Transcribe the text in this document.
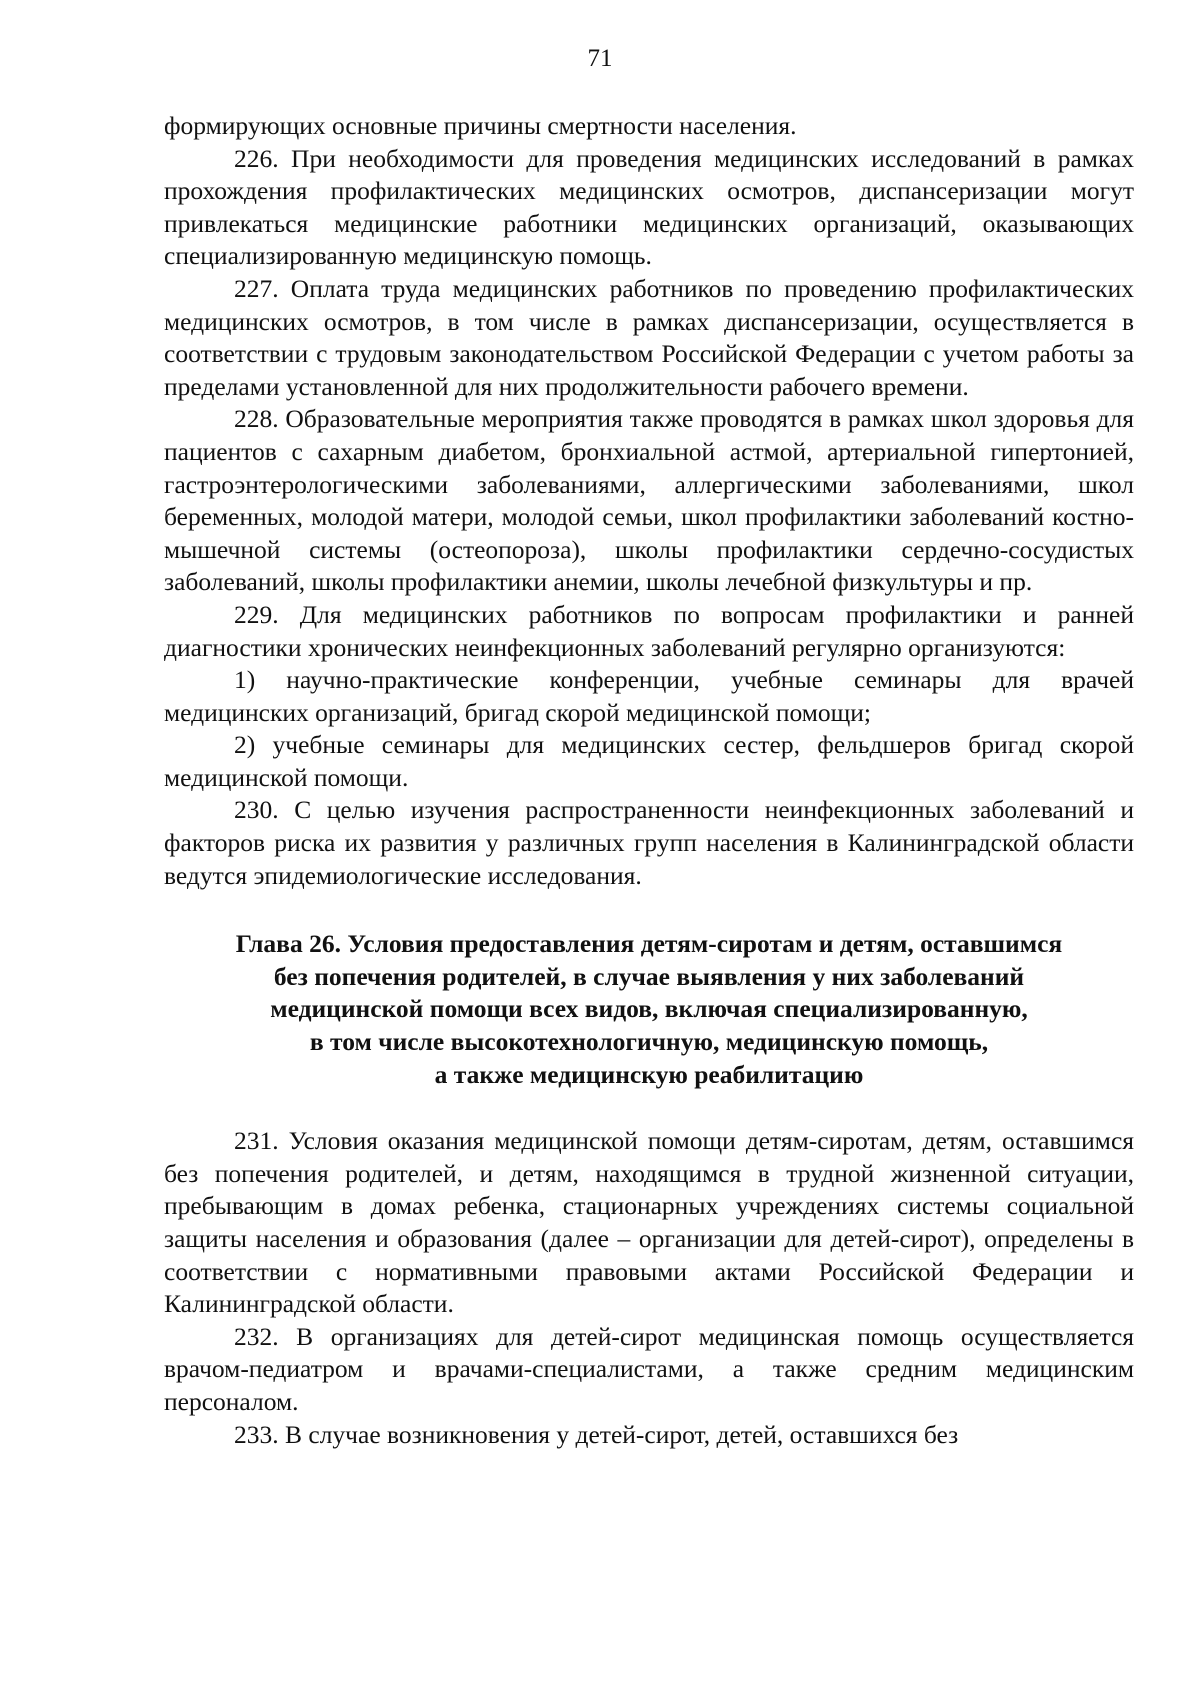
71

формирующих основные причины смертности населения.

226. При необходимости для проведения медицинских исследований в рамках прохождения профилактических медицинских осмотров, диспансеризации могут привлекаться медицинские работники медицинских организаций, оказывающих специализированную медицинскую помощь.

227. Оплата труда медицинских работников по проведению профилактических медицинских осмотров, в том числе в рамках диспансеризации, осуществляется в соответствии с трудовым законодательством Российской Федерации с учетом работы за пределами установленной для них продолжительности рабочего времени.

228. Образовательные мероприятия также проводятся в рамках школ здоровья для пациентов с сахарным диабетом, бронхиальной астмой, артериальной гипертонией, гастроэнтерологическими заболеваниями, аллергическими заболеваниями, школ беременных, молодой матери, молодой семьи, школ профилактики заболеваний костно-мышечной системы (остеопороза), школы профилактики сердечно-сосудистых заболеваний, школы профилактики анемии, школы лечебной физкультуры и пр.

229. Для медицинских работников по вопросам профилактики и ранней диагностики хронических неинфекционных заболеваний регулярно организуются:

1) научно-практические конференции, учебные семинары для врачей медицинских организаций, бригад скорой медицинской помощи;

2) учебные семинары для медицинских сестер, фельдшеров бригад скорой медицинской помощи.

230. С целью изучения распространенности неинфекционных заболеваний и факторов риска их развития у различных групп населения в Калининградской области ведутся эпидемиологические исследования.

Глава 26. Условия предоставления детям-сиротам и детям, оставшимся
без попечения родителей, в случае выявления у них заболеваний
медицинской помощи всех видов, включая специализированную,
в том числе высокотехнологичную, медицинскую помощь,
а также медицинскую реабилитацию

231. Условия оказания медицинской помощи детям-сиротам, детям, оставшимся без попечения родителей, и детям, находящимся в трудной жизненной ситуации, пребывающим в домах ребенка, стационарных учреждениях системы социальной защиты населения и образования (далее – организации для детей-сирот), определены в соответствии с нормативными правовыми актами Российской Федерации и Калининградской области.

232. В организациях для детей-сирот медицинская помощь осуществляется врачом-педиатром и врачами-специалистами, а также средним медицинским персоналом.

233. В случае возникновения у детей-сирот, детей, оставшихся без
